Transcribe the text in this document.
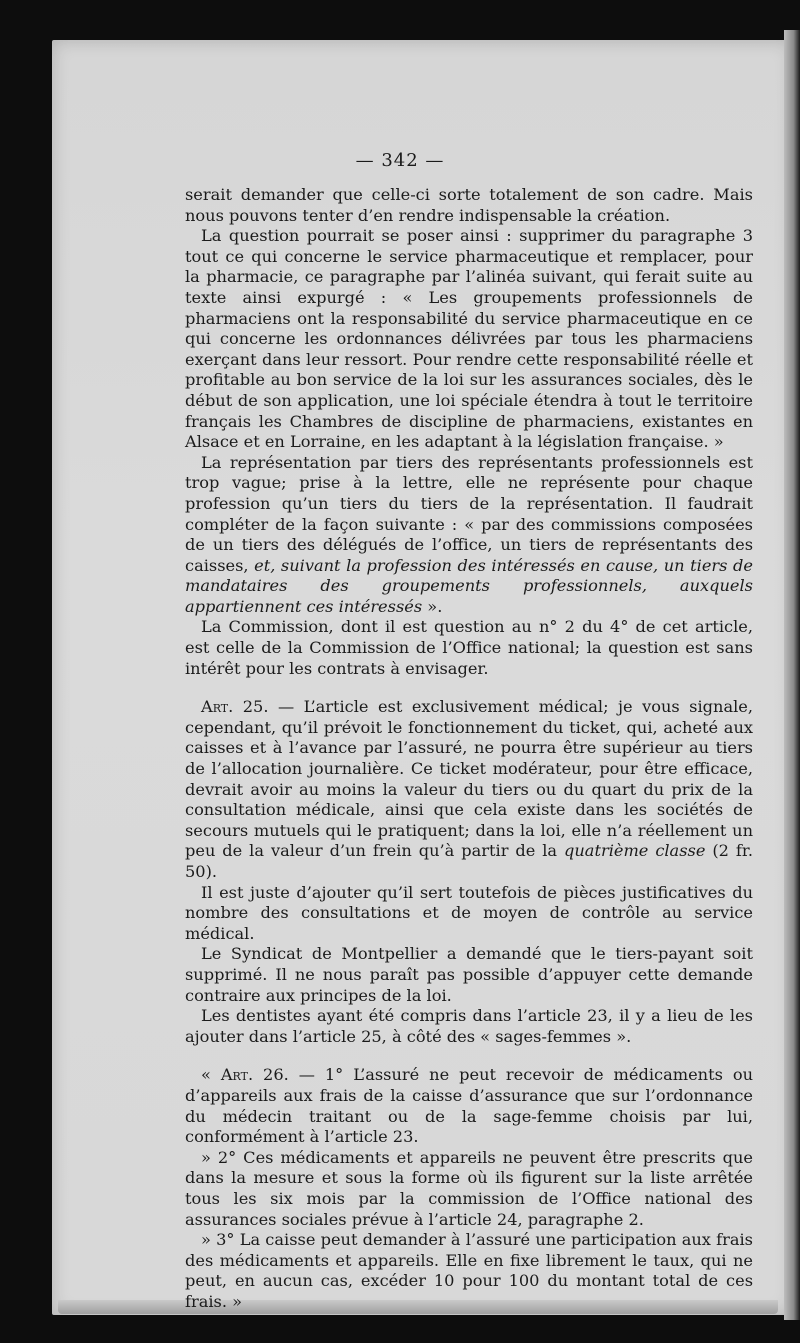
— 342 —

serait demander que celle-ci sorte totalement de son cadre. Mais nous pouvons tenter d’en rendre indispensable la création.

La question pourrait se poser ainsi : supprimer du paragraphe 3 tout ce qui concerne le service pharmaceutique et remplacer, pour la pharmacie, ce paragraphe par l’alinéa suivant, qui ferait suite au texte ainsi expurgé : « Les groupements professionnels de pharmaciens ont la responsabilité du service pharmaceutique en ce qui concerne les ordonnances délivrées par tous les pharmaciens exerçant dans leur ressort. Pour rendre cette responsabilité réelle et profitable au bon service de la loi sur les assurances sociales, dès le début de son application, une loi spéciale étendra à tout le territoire français les Chambres de discipline de pharmaciens, existantes en Alsace et en Lorraine, en les adaptant à la législation française. »

La représentation par tiers des représentants professionnels est trop vague; prise à la lettre, elle ne représente pour chaque profession qu’un tiers du tiers de la représentation. Il faudrait compléter de la façon suivante : « par des commissions composées de un tiers des délégués de l’office, un tiers de représentants des caisses, et, suivant la profession des intéressés en cause, un tiers de mandataires des groupements professionnels, auxquels appartiennent ces intéressés ».

La Commission, dont il est question au n° 2 du 4° de cet article, est celle de la Commission de l’Office national; la question est sans intérêt pour les contrats à envisager.

Art. 25. — L’article est exclusivement médical; je vous signale, cependant, qu’il prévoit le fonctionnement du ticket, qui, acheté aux caisses et à l’avance par l’assuré, ne pourra être supérieur au tiers de l’allocation journalière. Ce ticket modérateur, pour être efficace, devrait avoir au moins la valeur du tiers ou du quart du prix de la consultation médicale, ainsi que cela existe dans les sociétés de secours mutuels qui le pratiquent; dans la loi, elle n’a réellement un peu de la valeur d’un frein qu’à partir de la quatrième classe (2 fr. 50).

Il est juste d’ajouter qu’il sert toutefois de pièces justificatives du nombre des consultations et de moyen de contrôle au service médical.

Le Syndicat de Montpellier a demandé que le tiers-payant soit supprimé. Il ne nous paraît pas possible d’appuyer cette demande contraire aux principes de la loi.

Les dentistes ayant été compris dans l’article 23, il y a lieu de les ajouter dans l’article 25, à côté des « sages-femmes ».

« Art. 26. — 1° L’assuré ne peut recevoir de médicaments ou d’appareils aux frais de la caisse d’assurance que sur l’ordonnance du médecin traitant ou de la sage-femme choisis par lui, conformément à l’article 23.

» 2° Ces médicaments et appareils ne peuvent être prescrits que dans la mesure et sous la forme où ils figurent sur la liste arrêtée tous les six mois par la commission de l’Office national des assurances sociales prévue à l’article 24, paragraphe 2.

» 3° La caisse peut demander à l’assuré une participation aux frais des médicaments et appareils. Elle en fixe librement le taux, qui ne peut, en aucun cas, excéder 10 pour 100 du montant total de ces frais. »
